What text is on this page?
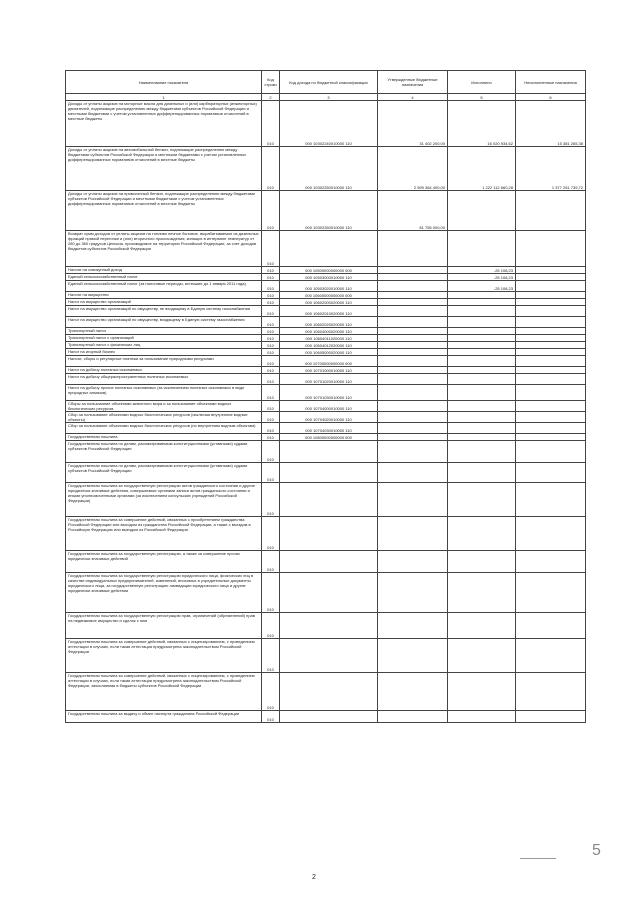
Наименование показателя	Код строки	Код дохода по бюджетной классификации	Утвержденные бюджетные назначения	Исполнено	Неисполненные назначения
1	2	3	4	5	6
Доходы от уплаты акцизов на моторные масла для дизельных и (или) карбюраторных (инжекторных) двигателей, подлежащие распределению между бюджетами субъектов Российской Федерации и местными бюджетами с учетом установленных дифференцированных нормативов отчислений в местные бюджеты	010	000 10302240010000 110	31 402 200,00	16 020 934,62	15 381 265,38
Доходы от уплаты акцизов на автомобильный бензин, подлежащие распределению между бюджетами субъектов Российской Федерации и местными бюджетами с учетом установленных дифференцированных нормативов отчислений в местные бюджеты	010	000 10302250010000 110	2 599 364 400,00	1 222 112 660,28	1 377 251 739,72
Доходы от уплаты акцизов на прямогонный бензин, подлежащие распределению между бюджетами субъектов Российской Федерации и местными бюджетами с учетом установленных дифференцированных нормативов отчислений в местные бюджеты	010	000 10302260010000 110	81 755 000,00		
Возврат сумм доходов от уплаты акцизов на топливо печное бытовое, вырабатываемое из дизельных фракций прямой перегонки и (или) вторичного происхождения, кипящих в интервале температур от 280 до 360 градусов Цельсия, производимое на территории Российской Федерации, за счет доходов бюджетов субъектов Российской Федерации	010				
Налоги на совокупный доход	010	000 10500000000000 000		-25 108,23	
Единый сельскохозяйственный налог	010	000 10503000010000 110		-25 108,23	
Единый сельскохозяйственный налог (за налоговые периоды, истекшие до 1 января 2011 года)	010	000 10503020010000 110		-25 108,23	
Налоги на имущество	010	000 10600000000000 000			
Налог на имущество организаций	010	000 10602000020000 110			
Налог на имущество организаций по имуществу, не входящему в Единую систему газоснабжения	010	000 10602010020000 110			
Налог на имущество организаций по имуществу, входящему в Единую систему газоснабжения	010	000 10602020020000 110			
Транспортный налог	010	000 10604000020000 110			
Транспортный налог с организаций	010	000 10604011020000 110			
Транспортный налог с физических лиц	010	000 10604012020000 110			
Налог на игорный бизнес	010	000 10605000020000 110			
Налоги, сборы и регулярные платежи за пользование природными ресурсами	010	000 10700000000000 000			
Налог на добычу полезных ископаемых	010	000 10701000010000 110			
Налог на добычу общераспространенных полезных ископаемых	010	000 10701020010000 110			
Налог на добычу прочих полезных ископаемых (за исключением полезных ископаемых в виде природных алмазов)	010	000 10701030010000 110			
Сборы за пользование объектами животного мира и за пользование объектами водных биологических ресурсов	010	000 10704000010000 110			
Сбор за пользование объектами водных биологических ресурсов (исключая внутренние водные объекты)	010	000 10704020010000 110			
Сбор за пользование объектами водных биологических ресурсов (по внутренним водным объектам)	010	000 10704030010000 110			
Государственная пошлина	010	000 10800000000000 000			
Государственная пошлина по делам, рассматриваемым конституционными (уставными) судами субъектов Российской Федерации	010				
Государственная пошлина по делам, рассматриваемым конституционными (уставными) судами субъектов Российской Федерации	010				
Государственная пошлина за государственную регистрацию актов гражданского состояния и другие юридически значимые действия, совершаемые органами записи актов гражданского состояния и иными уполномоченными органами (за исключением консульских учреждений Российской Федерации)	010				
Государственная пошлина за совершение действий, связанных с приобретением гражданства Российской Федерации или выходом из гражданства Российской Федерации, а также с въездом в Российскую Федерацию или выездом из Российской Федерации	010				
Государственная пошлина за государственную регистрацию, а также за совершение прочих юридически значимых действий	010				
Государственная пошлина за государственную регистрацию юридического лица, физических лиц в качестве индивидуальных предпринимателей, изменений, вносимых в учредительные документы юридического лица, за государственную регистрацию ликвидации юридического лица и другие юридически значимые действия	010				
Государственная пошлина за государственную регистрацию прав, ограничений (обременений) прав на недвижимое имущество и сделок с ним	010				
Государственная пошлина за совершение действий, связанных с лицензированием, с проведением аттестации в случаях, если такая аттестация предусмотрена законодательством Российской Федерации	010				
Государственная пошлина за совершение действий, связанных с лицензированием, с проведением аттестации в случаях, если такая аттестация предусмотрена законодательством Российской Федерации, зачисляемая в бюджеты субъектов Российской Федерации	010				
Государственная пошлина за выдачу и обмен паспорта гражданина Российской Федерации	010				
5
2
